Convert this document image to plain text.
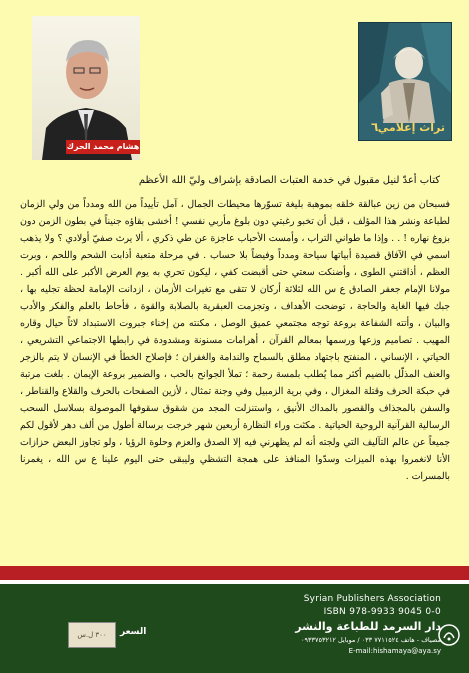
هشام محمد الحرك
٦ تراث إعلامي
كتاب أعدّ لنيل مقبول في خدمة العتبات الصادقة بإشراف وليّ الله الأعظم
فسبحان من زين عبالقة خلقه بموهبة بليغة تسوّرها محيطات الجمال ، آمل تأييداً من الله ومدداً من ولي الزمان لطباعة ونشر هذا المؤلف ، قبل أن تخبو رغبتي دون بلوغ مأربي نفسي ! أخشى بقاؤه جنيناً في بطون الزمن دون بزوغ نهاره ! . . وإذا ما طواني التراب ، وأمست الأحباب عاجزة عن طي ذكري ، ألا يرث صفيّ أولادي ؟ ولا يذهب اسمي في الآفاق قصيدة أبياتها سياحة ومدداً وفيضاً بلا حساب . في مرحلة متعبة أذابت الشحم واللحم ، وبرت العظم ، أذاقتني الطوى ، وأضنكت سعتي حتى أقبضت كفي ، ليكون تحري به يوم العرض الأكبر على الله أكبر . مولانا الإمام جعفر الصادق ع س الله لثلاثة أركان لا تتقى مع تغيرات الأزمان ، ازدانت الإمامة لحظة تجليه بها ، جبك فيها الغاية والحاجة ، توضحت الأهداف ، وتجزمت العبقرية بالصلابة والقوة ، فأحاط بالعلم والفكر والأدب والبيان ، وأتته الشفاعة بروعة توجه مجتمعي عميق الوصل ، مكنته من إخناء جبروت الاستبداد لاثاً حيال وقاره المهيب . تصاميم وزعها ورسمها بمعالم القرآن ، أهرامات مسنونة ومشدودة في رابطها الاجتماعي التشريعي ، الحياتي ، الإنساني ، المنفتح باجتهاد مطلق بالسماح والندامة والغفران ؛ فإصلاح الخطأ في الإنسان لا يتم بالزجر والعنف المذلّل بالضيم أكثر مما يُطلب بلمسة رحمة ؛ تملأ الجوانح بالحب ، والضمير بروعة الإيمان . بلغت مرتبة في حبكة الحرف وقتلة المغزال ، وفي برية الزمبيل وفي وجنة تمثال ، لأزين الصفحات بالحرف والقلاع والقناطر ، والسفن بالمجذاف والقصور بالمداك الأنيق ، واستنزلت المجد من شقوق سقوفها الموصولة بسلاسل السحب الرسالية القرآنية الروحية الحياتية . مكثت وراء النظارة أربعين شهر خرجت برسالة أطول من ألف دهر لأقول لكم جميعاً عن عالم التآليف التي ولجته أنه لم يظهرني فيه إلا الصدق والعزم وحلوة الرؤيا ، ولو تجاوز البعض حزازات الأنا لانغمروا بهذه الميزات وسدّوا المنافذ على همجة التشظي وليبقى حتى اليوم علينا ع س الله ، يغمرنا بالمسرات .
Syrian Publishers Association
ISBN 978-9933 9045 0-0
دار السرمد للطباعة والنشر
مصياف - هاتف ٧٧١١٥٢٤ ٠٣٣ / موبايل ٠٩٣٣٧٥٣٢١٢
E-mail:hishamaya@aya.sy
السعر
٣٠٠ ل.س
